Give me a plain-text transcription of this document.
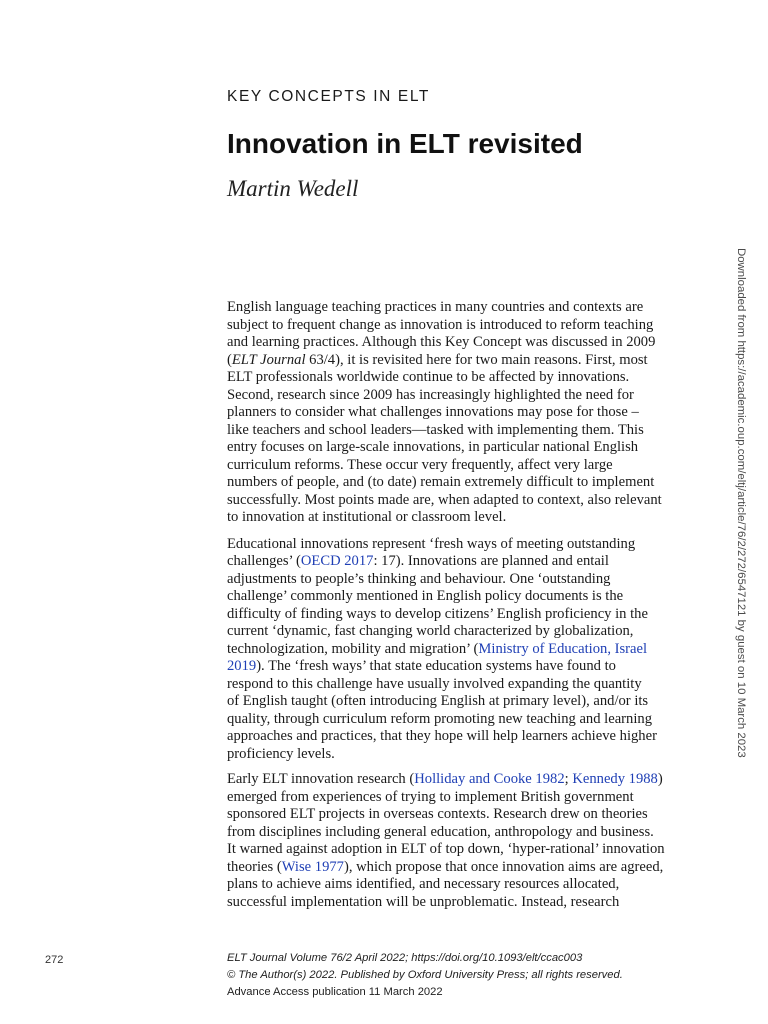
KEY CONCEPTS IN ELT
Innovation in ELT revisited
Martin Wedell

English language teaching practices in many countries and contexts are
subject to frequent change as innovation is introduced to reform teaching
and learning practices. Although this Key Concept was discussed in 2009
(ELT Journal 63/4), it is revisited here for two main reasons. First, most
ELT professionals worldwide continue to be affected by innovations.
Second, research since 2009 has increasingly highlighted the need for
planners to consider what challenges innovations may pose for those –
like teachers and school leaders—tasked with implementing them. This
entry focuses on large-scale innovations, in particular national English
curriculum reforms. These occur very frequently, affect very large
numbers of people, and (to date) remain extremely difficult to implement
successfully. Most points made are, when adapted to context, also relevant
to innovation at institutional or classroom level.

Educational innovations represent ‘fresh ways of meeting outstanding
challenges’ (OECD 2017: 17). Innovations are planned and entail
adjustments to people’s thinking and behaviour. One ‘outstanding
challenge’ commonly mentioned in English policy documents is the
difficulty of finding ways to develop citizens’ English proficiency in the
current ‘dynamic, fast changing world characterized by globalization,
technologization, mobility and migration’ (Ministry of Education, Israel
2019). The ‘fresh ways’ that state education systems have found to
respond to this challenge have usually involved expanding the quantity
of English taught (often introducing English at primary level), and/or its
quality, through curriculum reform promoting new teaching and learning
approaches and practices, that they hope will help learners achieve higher
proficiency levels.

Early ELT innovation research (Holliday and Cooke 1982; Kennedy 1988)
emerged from experiences of trying to implement British government
sponsored ELT projects in overseas contexts. Research drew on theories
from disciplines including general education, anthropology and business.
It warned against adoption in ELT of top down, ‘hyper-rational’ innovation
theories (Wise 1977), which propose that once innovation aims are agreed,
plans to achieve aims identified, and necessary resources allocated,
successful implementation will be unproblematic. Instead, research

Downloaded from https://academic.oup.com/eltj/article/76/2/272/6547121 by guest on 10 March 2023
272	ELT Journal Volume 76/2 April 2022; https://doi.org/10.1093/elt/ccac003
© The Author(s) 2022. Published by Oxford University Press; all rights reserved.
Advance Access publication 11 March 2022
